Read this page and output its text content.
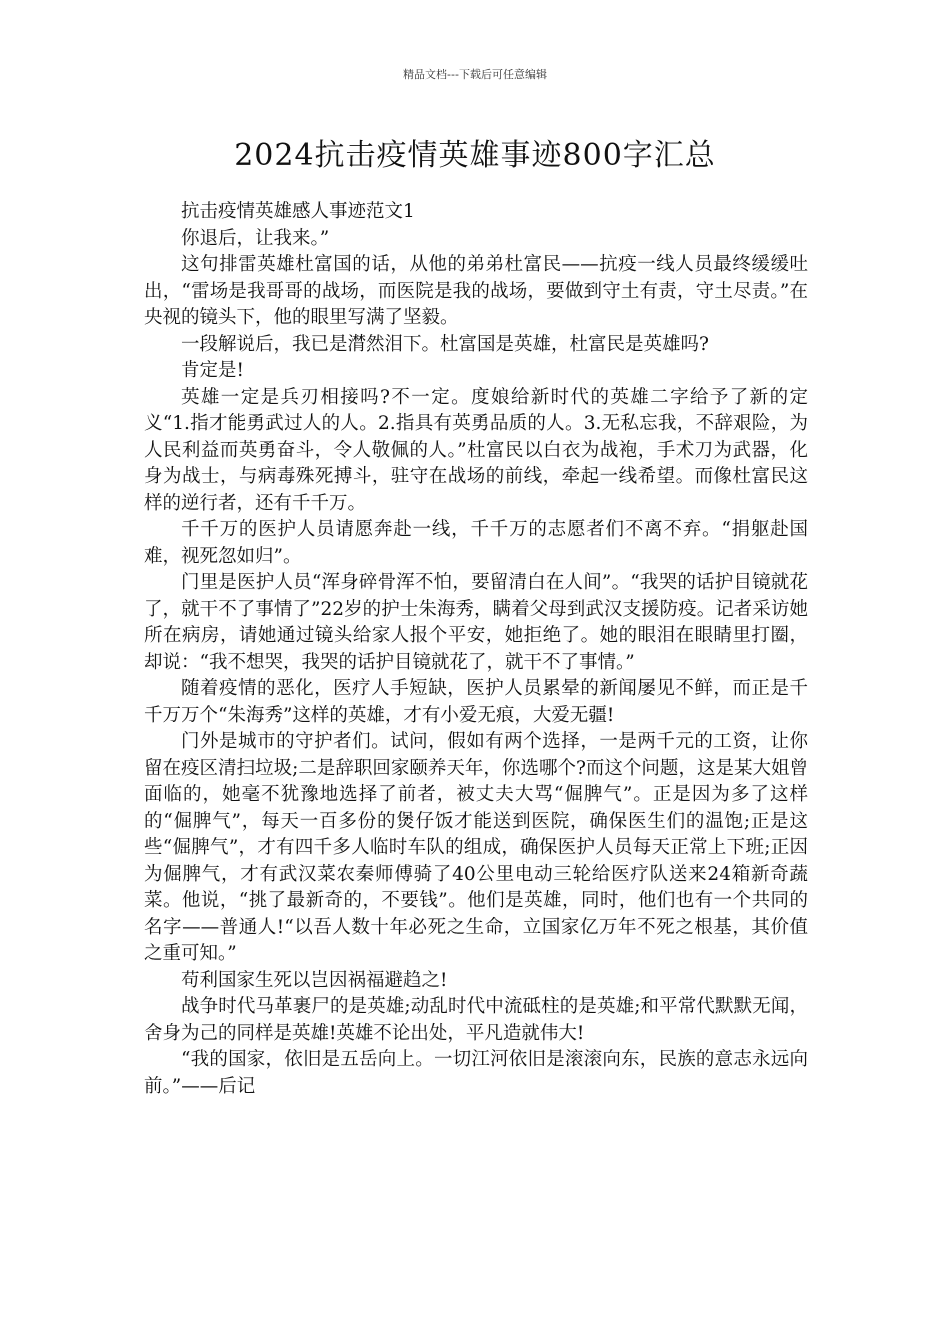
精品文档---下载后可任意编辑
2024抗击疫情英雄事迹800字汇总

抗击疫情英雄感人事迹范文1

你退后，让我来。”

这句排雷英雄杜富国的话，从他的弟弟杜富民——抗疫一线人员最终缓缓吐出，“雷场是我哥哥的战场，而医院是我的战场，要做到守土有责，守土尽责。”在央视的镜头下，他的眼里写满了坚毅。

一段解说后，我已是潸然泪下。杜富国是英雄，杜富民是英雄吗?

肯定是!

英雄一定是兵刃相接吗?不一定。度娘给新时代的英雄二字给予了新的定义“1.指才能勇武过人的人。2.指具有英勇品质的人。3.无私忘我，不辞艰险，为人民利益而英勇奋斗，令人敬佩的人。”杜富民以白衣为战袍，手术刀为武器，化身为战士，与病毒殊死搏斗，驻守在战场的前线，牵起一线希望。而像杜富民这样的逆行者，还有千千万。

千千万的医护人员请愿奔赴一线，千千万的志愿者们不离不弃。“捐躯赴国难，视死忽如归”。

门里是医护人员“浑身碎骨浑不怕，要留清白在人间”。“我哭的话护目镜就花了，就干不了事情了”22岁的护士朱海秀，瞒着父母到武汉支援防疫。记者采访她所在病房，请她通过镜头给家人报个平安，她拒绝了。她的眼泪在眼睛里打圈，却说：“我不想哭，我哭的话护目镜就花了，就干不了事情。”

随着疫情的恶化，医疗人手短缺，医护人员累晕的新闻屡见不鲜，而正是千千万万个“朱海秀”这样的英雄，才有小爱无痕，大爱无疆!

门外是城市的守护者们。试问，假如有两个选择，一是两千元的工资，让你留在疫区清扫垃圾;二是辞职回家颐养天年，你选哪个?而这个问题，这是某大姐曾面临的，她毫不犹豫地选择了前者，被丈夫大骂“倔脾气”。正是因为多了这样的“倔脾气”，每天一百多份的煲仔饭才能送到医院，确保医生们的温饱;正是这些“倔脾气”，才有四千多人临时车队的组成，确保医护人员每天正常上下班;正因为倔脾气，才有武汉菜农秦师傅骑了40公里电动三轮给医疗队送来24箱新奇蔬菜。他说，“挑了最新奇的，不要钱”。他们是英雄，同时，他们也有一个共同的名字——普通人!“以吾人数十年必死之生命，立国家亿万年不死之根基，其价值之重可知。”

苟利国家生死以岂因祸福避趋之!

战争时代马革裹尸的是英雄;动乱时代中流砥柱的是英雄;和平常代默默无闻，舍身为己的同样是英雄!英雄不论出处，平凡造就伟大!

“我的国家，依旧是五岳向上。一切江河依旧是滚滚向东，民族的意志永远向前。”——后记
